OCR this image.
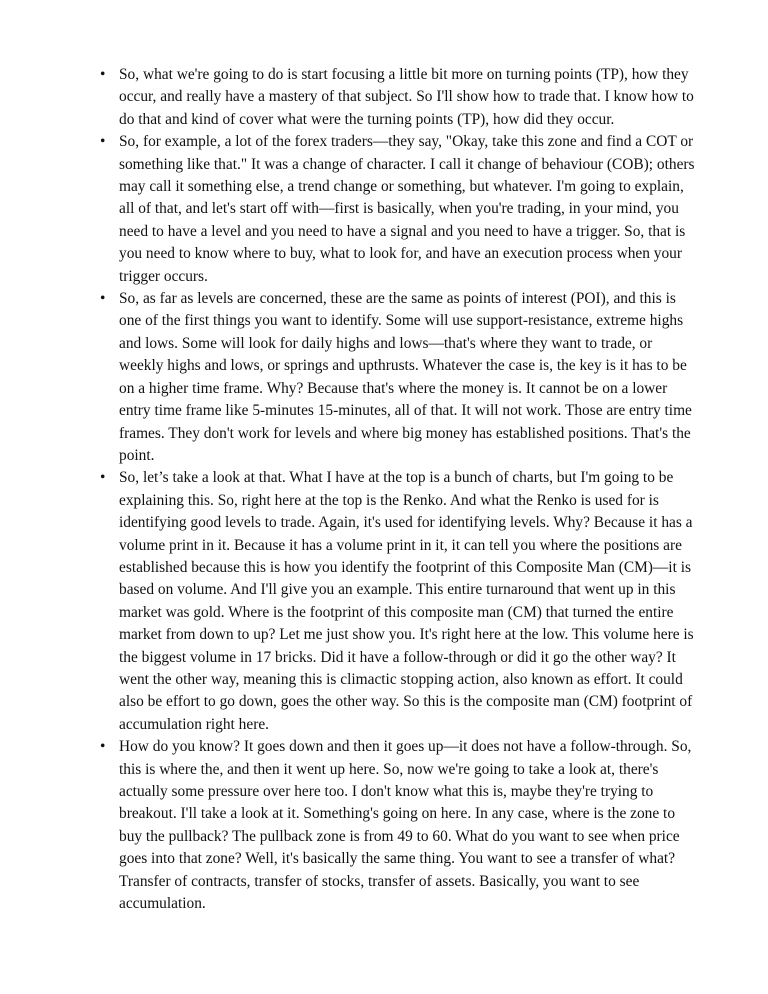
• So, what we're going to do is start focusing a little bit more on turning points (TP), how they occur, and really have a mastery of that subject. So I'll show how to trade that. I know how to do that and kind of cover what were the turning points (TP), how did they occur.
• So, for example, a lot of the forex traders—they say, "Okay, take this zone and find a COT or something like that." It was a change of character. I call it change of behaviour (COB); others may call it something else, a trend change or something, but whatever. I'm going to explain, all of that, and let's start off with—first is basically, when you're trading, in your mind, you need to have a level and you need to have a signal and you need to have a trigger. So, that is you need to know where to buy, what to look for, and have an execution process when your trigger occurs.
• So, as far as levels are concerned, these are the same as points of interest (POI), and this is one of the first things you want to identify. Some will use support-resistance, extreme highs and lows. Some will look for daily highs and lows—that's where they want to trade, or weekly highs and lows, or springs and upthrusts. Whatever the case is, the key is it has to be on a higher time frame. Why? Because that's where the money is. It cannot be on a lower entry time frame like 5-minutes 15-minutes, all of that. It will not work. Those are entry time frames. They don't work for levels and where big money has established positions. That's the point.
• So, let’s take a look at that. What I have at the top is a bunch of charts, but I'm going to be explaining this. So, right here at the top is the Renko. And what the Renko is used for is identifying good levels to trade. Again, it's used for identifying levels. Why? Because it has a volume print in it. Because it has a volume print in it, it can tell you where the positions are established because this is how you identify the footprint of this Composite Man (CM)—it is based on volume. And I'll give you an example. This entire turnaround that went up in this market was gold. Where is the footprint of this composite man (CM) that turned the entire market from down to up? Let me just show you. It's right here at the low. This volume here is the biggest volume in 17 bricks. Did it have a follow-through or did it go the other way? It went the other way, meaning this is climactic stopping action, also known as effort. It could also be effort to go down, goes the other way. So this is the composite man (CM) footprint of accumulation right here.
• How do you know? It goes down and then it goes up—it does not have a follow-through. So, this is where the, and then it went up here. So, now we're going to take a look at, there's actually some pressure over here too. I don't know what this is, maybe they're trying to breakout. I'll take a look at it. Something's going on here. In any case, where is the zone to buy the pullback? The pullback zone is from 49 to 60. What do you want to see when price goes into that zone? Well, it's basically the same thing. You want to see a transfer of what? Transfer of contracts, transfer of stocks, transfer of assets. Basically, you want to see accumulation.
